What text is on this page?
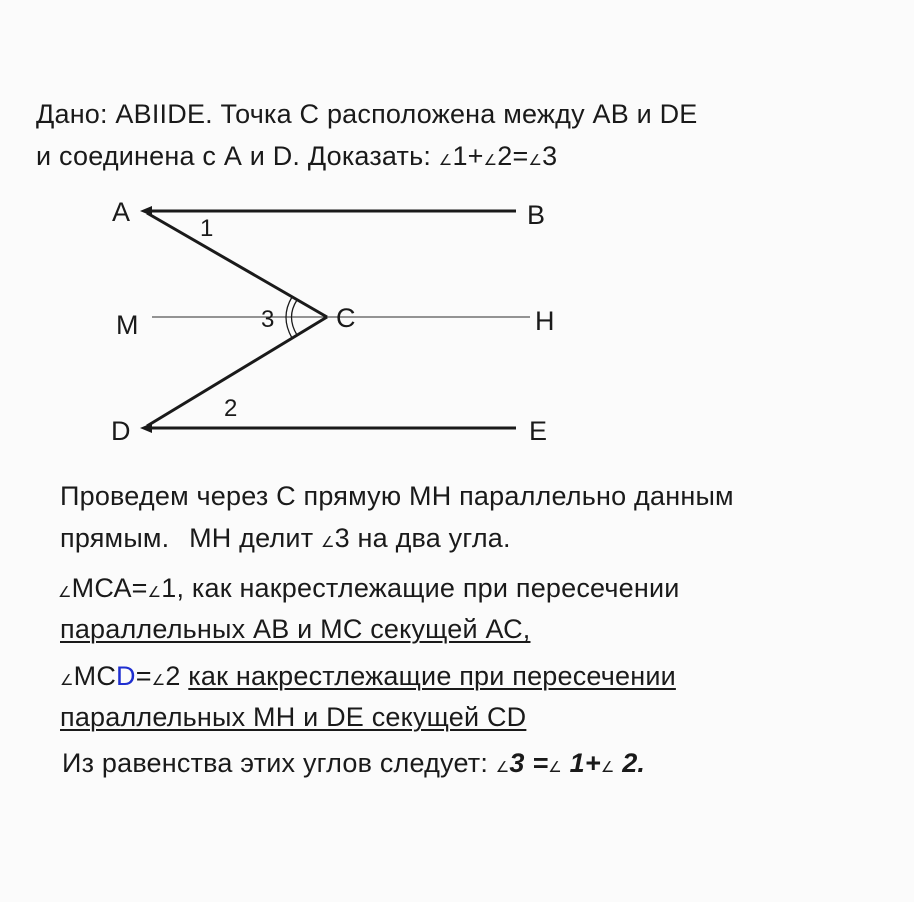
Дано: ABIIDE. Точка С расположена между АВ и DE
и соединена с А и D. Доказать: ∠1+∠2=∠3
A	B
M	C	H
D	E
1
2
3
Проведем через С прямую МН параллельно данным
прямым. МН делит ∠3 на два угла.
∠МСА=∠1, как накрестлежащие при пересечении
параллельных АВ и МС секущей АС,
∠МСD=∠2 как накрестлежащие при пересечении
параллельных МН и DE секущей CD
Из равенства этих углов следует: ∠3 =∠ 1+∠ 2.
